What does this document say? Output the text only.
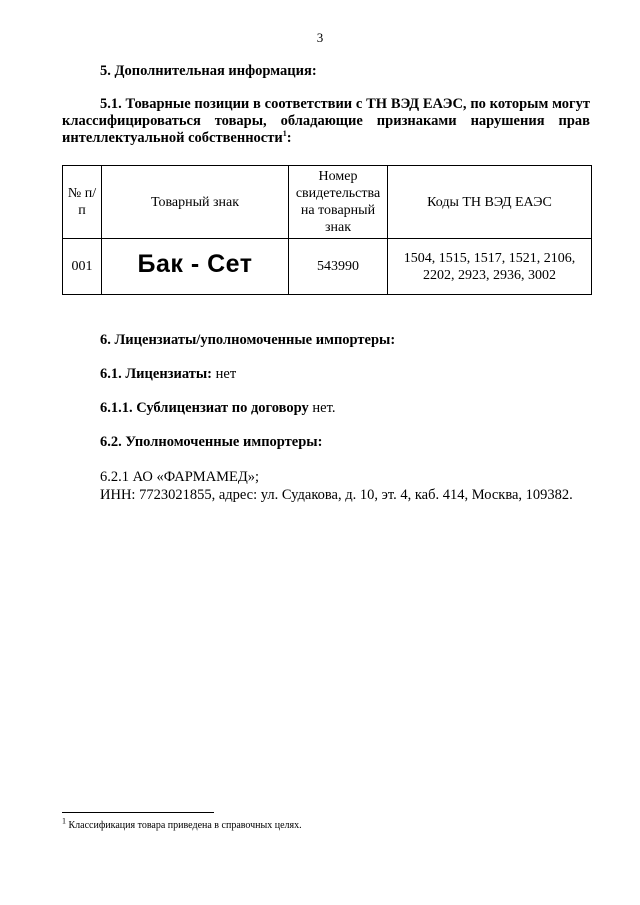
3
5. Дополнительная информация:
5.1. Товарные позиции в соответствии с ТН ВЭД ЕАЭС, по которым могут классифицироваться товары, обладающие признаками нарушения прав интеллектуальной собственности$^1$:
№ п/п	Товарный знак	Номер свидетельства на товарный знак	Коды ТН ВЭД ЕАЭС
001	Бак - Сет	543990	1504, 1515, 1517, 1521, 2106, 2202, 2923, 2936, 3002
6. Лицензиаты/уполномоченные импортеры:
6.1. Лицензиаты: нет
6.1.1. Сублицензиат по договору нет.
6.2. Уполномоченные импортеры:
6.2.1 АО «ФАРМАМЕД»;
ИНН: 7723021855, адрес: ул. Судакова, д. 10, эт. 4, каб. 414, Москва, 109382.
$^1$ Классификация товара приведена в справочных целях.
